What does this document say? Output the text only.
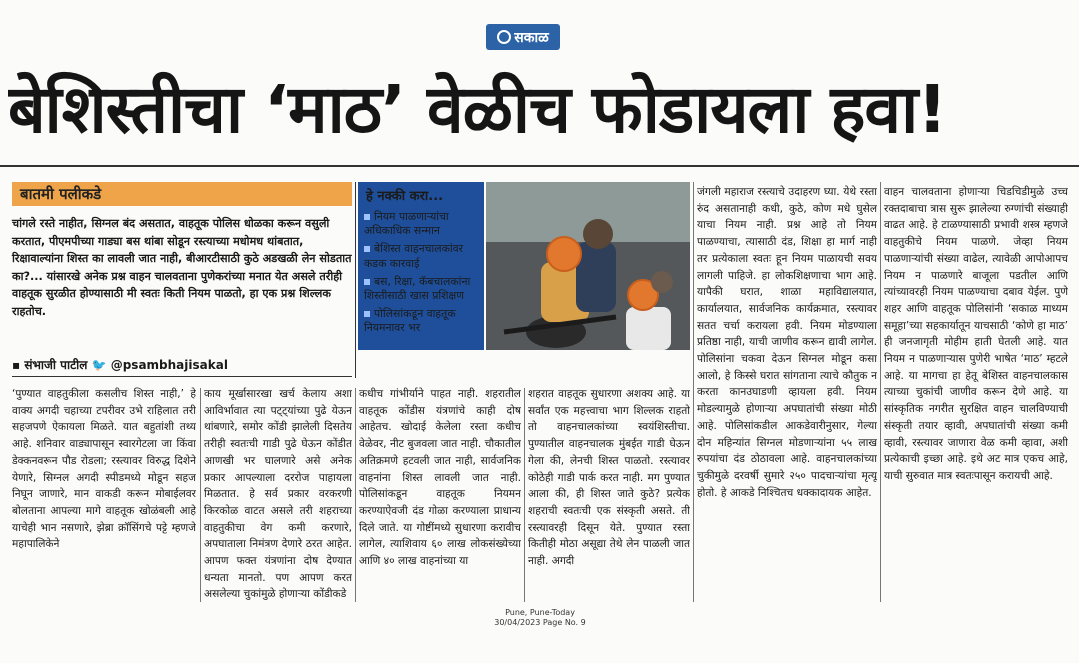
सकाळ
बेशिस्तीचा ‘माठ’ वेळीच फोडायला हवा!
बातमी पलीकडे
चांगले रस्ते नाहीत, सिग्नल बंद असतात, वाहतूक पोलिस धोळका करून वसुली करतात, पीएमपीच्या गाड्या बस थांबा सोडून रस्त्याच्या मधोमध थांबतात, रिक्षावाल्यांना शिस्त का लावली जात नाही, बीआरटीसाठी कुठे अडखळी लेन सोडतात का?... यांसारखे अनेक प्रश्न वाहन चालवताना पुणेकरांच्या मनात येत असले तरीही वाहतूक सुरळीत होण्यासाठी मी स्वतः किती नियम पाळतो, हा एक प्रश्न शिल्लक राहतोच.
▪ संभाजी पाटील 🐦 @psambhajisakal
हे नक्की करा...
नियम पाळणाऱ्यांचा अधिकाधिक सन्मान
बेशिस्त वाहनचालकांवर कडक कारवाई
बस, रिक्षा, कॅबचालकांना शिस्तीसाठी खास प्रशिक्षण
पोलिसांकडून वाहतूक नियमनावर भर
‘पुण्यात वाहतुकीला कसलीच शिस्त नाही,’ हे वाक्य अगदी चहाच्या टपरीवर उभे राहिलात तरी सहजपणे ऐकायला मिळते. यात बहुतांशी तथ्य आहे. शनिवार वाड्यापासून स्वारगेटला जा किंवा डेक्कनवरून पौड रोडला; रस्त्यावर विरुद्ध दिशेने येणारे, सिग्नल अगदी स्पीडमध्ये मोडून सहज निघून जाणारे, मान वाकडी करून मोबाईलवर बोलताना आपल्या मागे वाहतूक खोळंबली आहे याचेही भान नसणारे, झेब्रा क्रॉसिंगचे पट्टे म्हणजे महापालिकेने
काय मूर्खासारखा खर्च केलाय अशा आविर्भावात त्या पट्ट्यांच्या पुढे येऊन थांबणारे, समोर कोंडी झालेली दिसतेय तरीही स्वतःची गाडी पुढे घेऊन कोंडीत आणखी भर घालणारे असे अनेक प्रकार आपल्याला दररोज पाहायला मिळतात. हे सर्व प्रकार वरकरणी किरकोळ वाटत असले तरी शहराच्या वाहतुकीचा वेग कमी करणारे, अपघाताला निमंत्रण देणारे ठरत आहेत. आपण फक्त यंत्रणांना दोष देण्यात धन्यता मानतो. पण आपण करत असलेल्या चुकांमुळे होणाऱ्या कोंडीकडे
कधीच गांभीर्याने पाहत नाही. शहरातील वाहतूक कोंडीस यंत्रणांचे काही दोष आहेतच. खोदाई केलेला रस्ता कधीच वेळेवर, नीट बुजवला जात नाही. चौकातील अतिक्रमणे हटवली जात नाही, सार्वजनिक वाहनांना शिस्त लावली जात नाही. पोलिसांकडून वाहतूक नियमन करण्याऐवजी दंड गोळा करण्याला प्राधान्य दिले जाते. या गोष्टींमध्ये सुधारणा करावीच लागेल, त्याशिवाय ६० लाख लोकसंख्येच्या आणि ४० लाख वाहनांच्या या
शहरात वाहतूक सुधारणा अशक्य आहे. या सर्वांत एक महत्त्वाचा भाग शिल्लक राहतो तो वाहनचालकांच्या स्वयंशिस्तीचा. पुण्यातील वाहनचालक मुंबईत गाडी घेऊन गेला की, लेनची शिस्त पाळतो. रस्त्यावर कोठेही गाडी पार्क करत नाही. मग पुण्यात आला की, ही शिस्त जाते कुठे? प्रत्येक शहराची स्वतःची एक संस्कृती असते. ती रस्त्यावरही दिसून येते. पुण्यात रस्ता कितीही मोठा असूद्या तेथे लेन पाळली जात नाही. अगदी
जंगली महाराज रस्त्याचे उदाहरण घ्या. येथे रस्ता रुंद असतानाही कधी, कुठे, कोण मधे घुसेल याचा नियम नाही. प्रश्न आहे तो नियम पाळण्याचा, त्यासाठी दंड, शिक्षा हा मार्ग नाही तर प्रत्येकाला स्वतः हून नियम पाळायची सवय लागली पाहिजे. हा लोकशिक्षणाचा भाग आहे. यापैकी घरात, शाळा महाविद्यालयात, कार्यालयात, सार्वजनिक कार्यक्रमात, रस्त्यावर सतत चर्चा करायला हवी. नियम मोडण्याला प्रतिष्ठा नाही, याची जाणीव करून द्यावी लागेल. पोलिसांना चकवा देऊन सिग्नल मोडून कसा आलो, हे किस्से घरात सांगताना त्याचे कौतुक न करता कानउघाडणी व्हायला हवी. नियम मोडल्यामुळे होणाऱ्या अपघातांची संख्या मोठी आहे. पोलिसांकडील आकडेवारीनुसार, गेल्या दोन महिन्यांत सिग्नल मोडणाऱ्यांना ५५ लाख रुपयांचा दंड ठोठावला आहे. वाहनचालकांच्या चुकीमुळे दरवर्षी सुमारे २५० पादचाऱ्यांचा मृत्यू होतो. हे आकडे निश्चितच धक्कादायक आहेत.
वाहन चालवताना होणाऱ्या चिडचिडीमुळे उच्च रक्तदाबाचा त्रास सुरू झालेल्या रुग्णांची संख्याही वाढत आहे. हे टाळण्यासाठी प्रभावी शस्त्र म्हणजे वाहतुकीचे नियम पाळणे. जेव्हा नियम पाळणाऱ्यांची संख्या वाढेल, त्यावेळी आपोआपच नियम न पाळणारे बाजूला पडतील आणि त्यांच्यावरही नियम पाळण्याचा दबाव येईल. पुणे शहर आणि वाहतूक पोलिसांनी ‘सकाळ माध्यम समूहा’च्या सहकार्यातून याचसाठी ‘कोणे हा माठ’ ही जनजागृती मोहीम हाती घेतली आहे. यात नियम न पाळणाऱ्यास पुणेरी भाषेत ‘माठ’ म्हटले आहे. या मागचा हा हेतू बेशिस्त वाहनचालकास त्याच्या चुकांची जाणीव करून देणे आहे. या सांस्कृतिक नगरीत सुरक्षित वाहन चालविण्याची संस्कृती तयार व्हावी, अपघातांची संख्या कमी व्हावी, रस्त्यावर जाणारा वेळ कमी व्हावा, अशी प्रत्येकाची इच्छा आहे. इथे अट मात्र एकच आहे, याची सुरुवात मात्र स्वतःपासून करायची आहे.
Pune, Pune-Today
30/04/2023 Page No. 9
